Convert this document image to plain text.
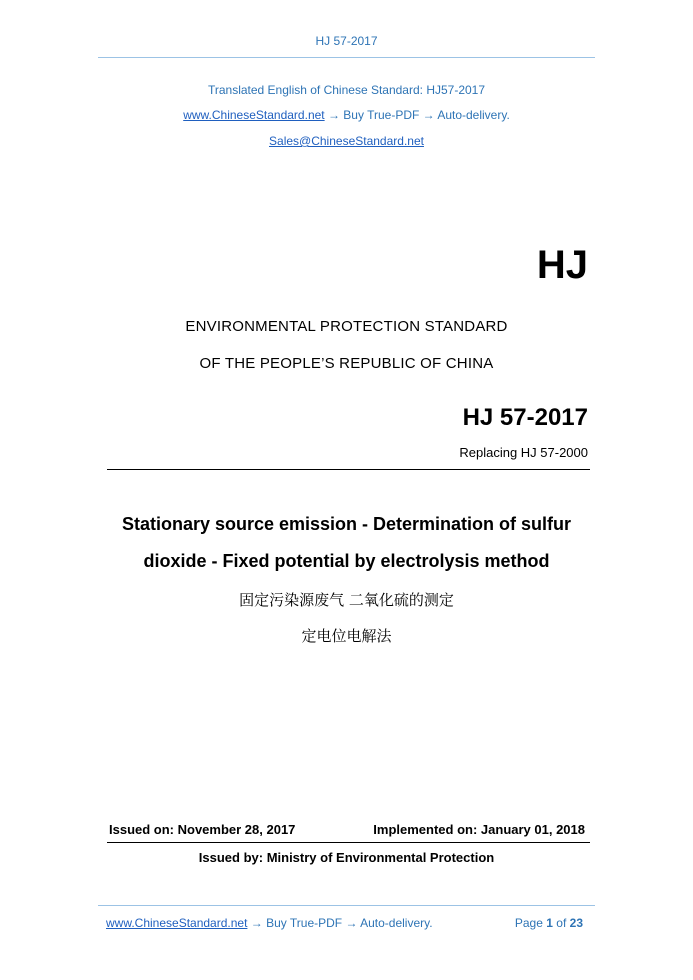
HJ 57-2017
Translated English of Chinese Standard: HJ57-2017
www.ChineseStandard.net → Buy True-PDF → Auto-delivery.
Sales@ChineseStandard.net
HJ
ENVIRONMENTAL PROTECTION STANDARD
OF THE PEOPLE’S REPUBLIC OF CHINA
HJ 57-2017
Replacing HJ 57-2000
Stationary source emission - Determination of sulfur
dioxide - Fixed potential by electrolysis method
固定污染源废气 二氧化硫的测定
定电位电解法
Issued on: November 28, 2017	Implemented on: January 01, 2018
Issued by: Ministry of Environmental Protection
www.ChineseStandard.net → Buy True-PDF → Auto-delivery.	Page 1 of 23
